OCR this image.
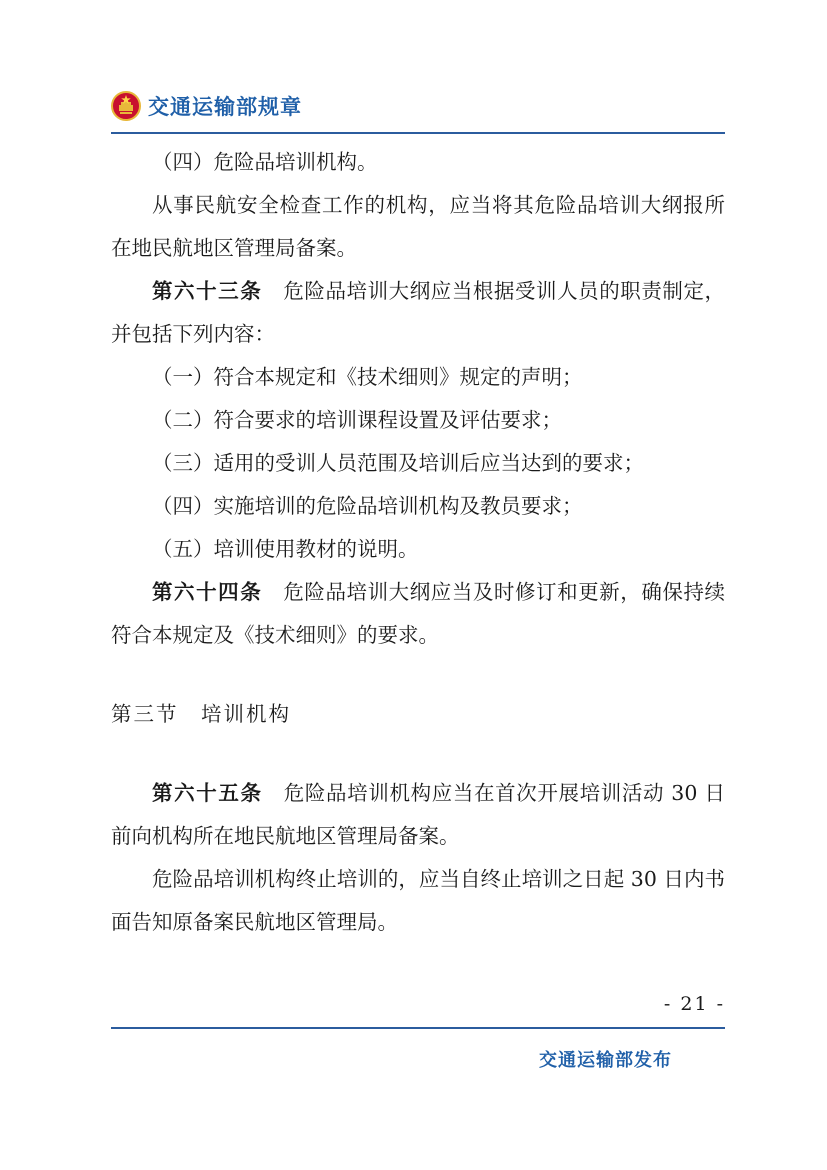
交通运输部规章

（四）危险品培训机构。

从事民航安全检查工作的机构，应当将其危险品培训大纲报所在地民航地区管理局备案。

第六十三条　 危险品培训大纲应当根据受训人员的职责制定，并包括下列内容：

（一）符合本规定和《技术细则》规定的声明；

（二）符合要求的培训课程设置及评估要求；

（三）适用的受训人员范围及培训后应当达到的要求；

（四）实施培训的危险品培训机构及教员要求；

（五）培训使用教材的说明。

第六十四条　 危险品培训大纲应当及时修订和更新，确保持续符合本规定及《技术细则》的要求。

第三节　培训机构

第六十五条　 危险品培训机构应当在首次开展培训活动 30 日前向机构所在地民航地区管理局备案。

危险品培训机构终止培训的，应当自终止培训之日起 30 日内书面告知原备案民航地区管理局。

- 21 -
交通运输部发布
